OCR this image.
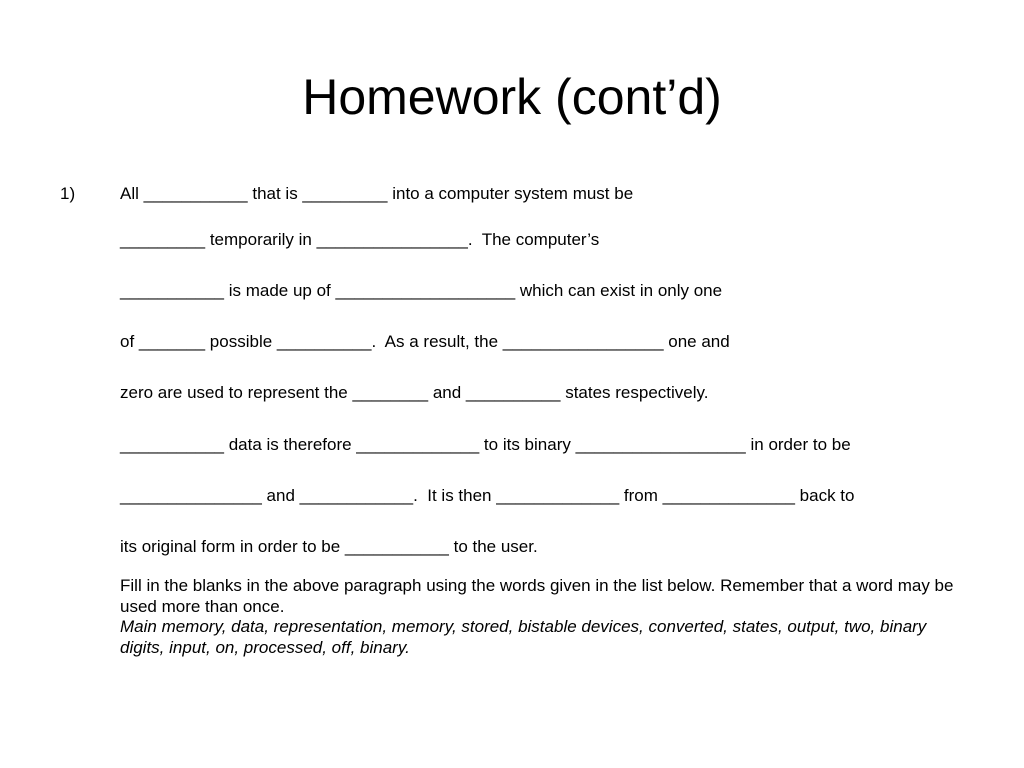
Homework (cont’d)
1)	All ___________ that is _________ into a computer system must be
_________ temporarily in ________________.  The computer’s
___________ is made up of ___________________ which can exist in only one
of _______ possible __________.  As a result, the _________________ one and
zero are used to represent the ________ and __________ states respectively.
___________ data is therefore _____________ to its binary __________________ in order to be
_______________ and ____________.  It is then _____________ from ______________ back to
its original form in order to be ___________ to the user.

Fill in the blanks in the above paragraph using the words given in the list below. Remember that a word may be used more than once.

Main memory, data, representation, memory, stored, bistable devices, converted, states, output, two, binary digits, input, on, processed, off, binary.
